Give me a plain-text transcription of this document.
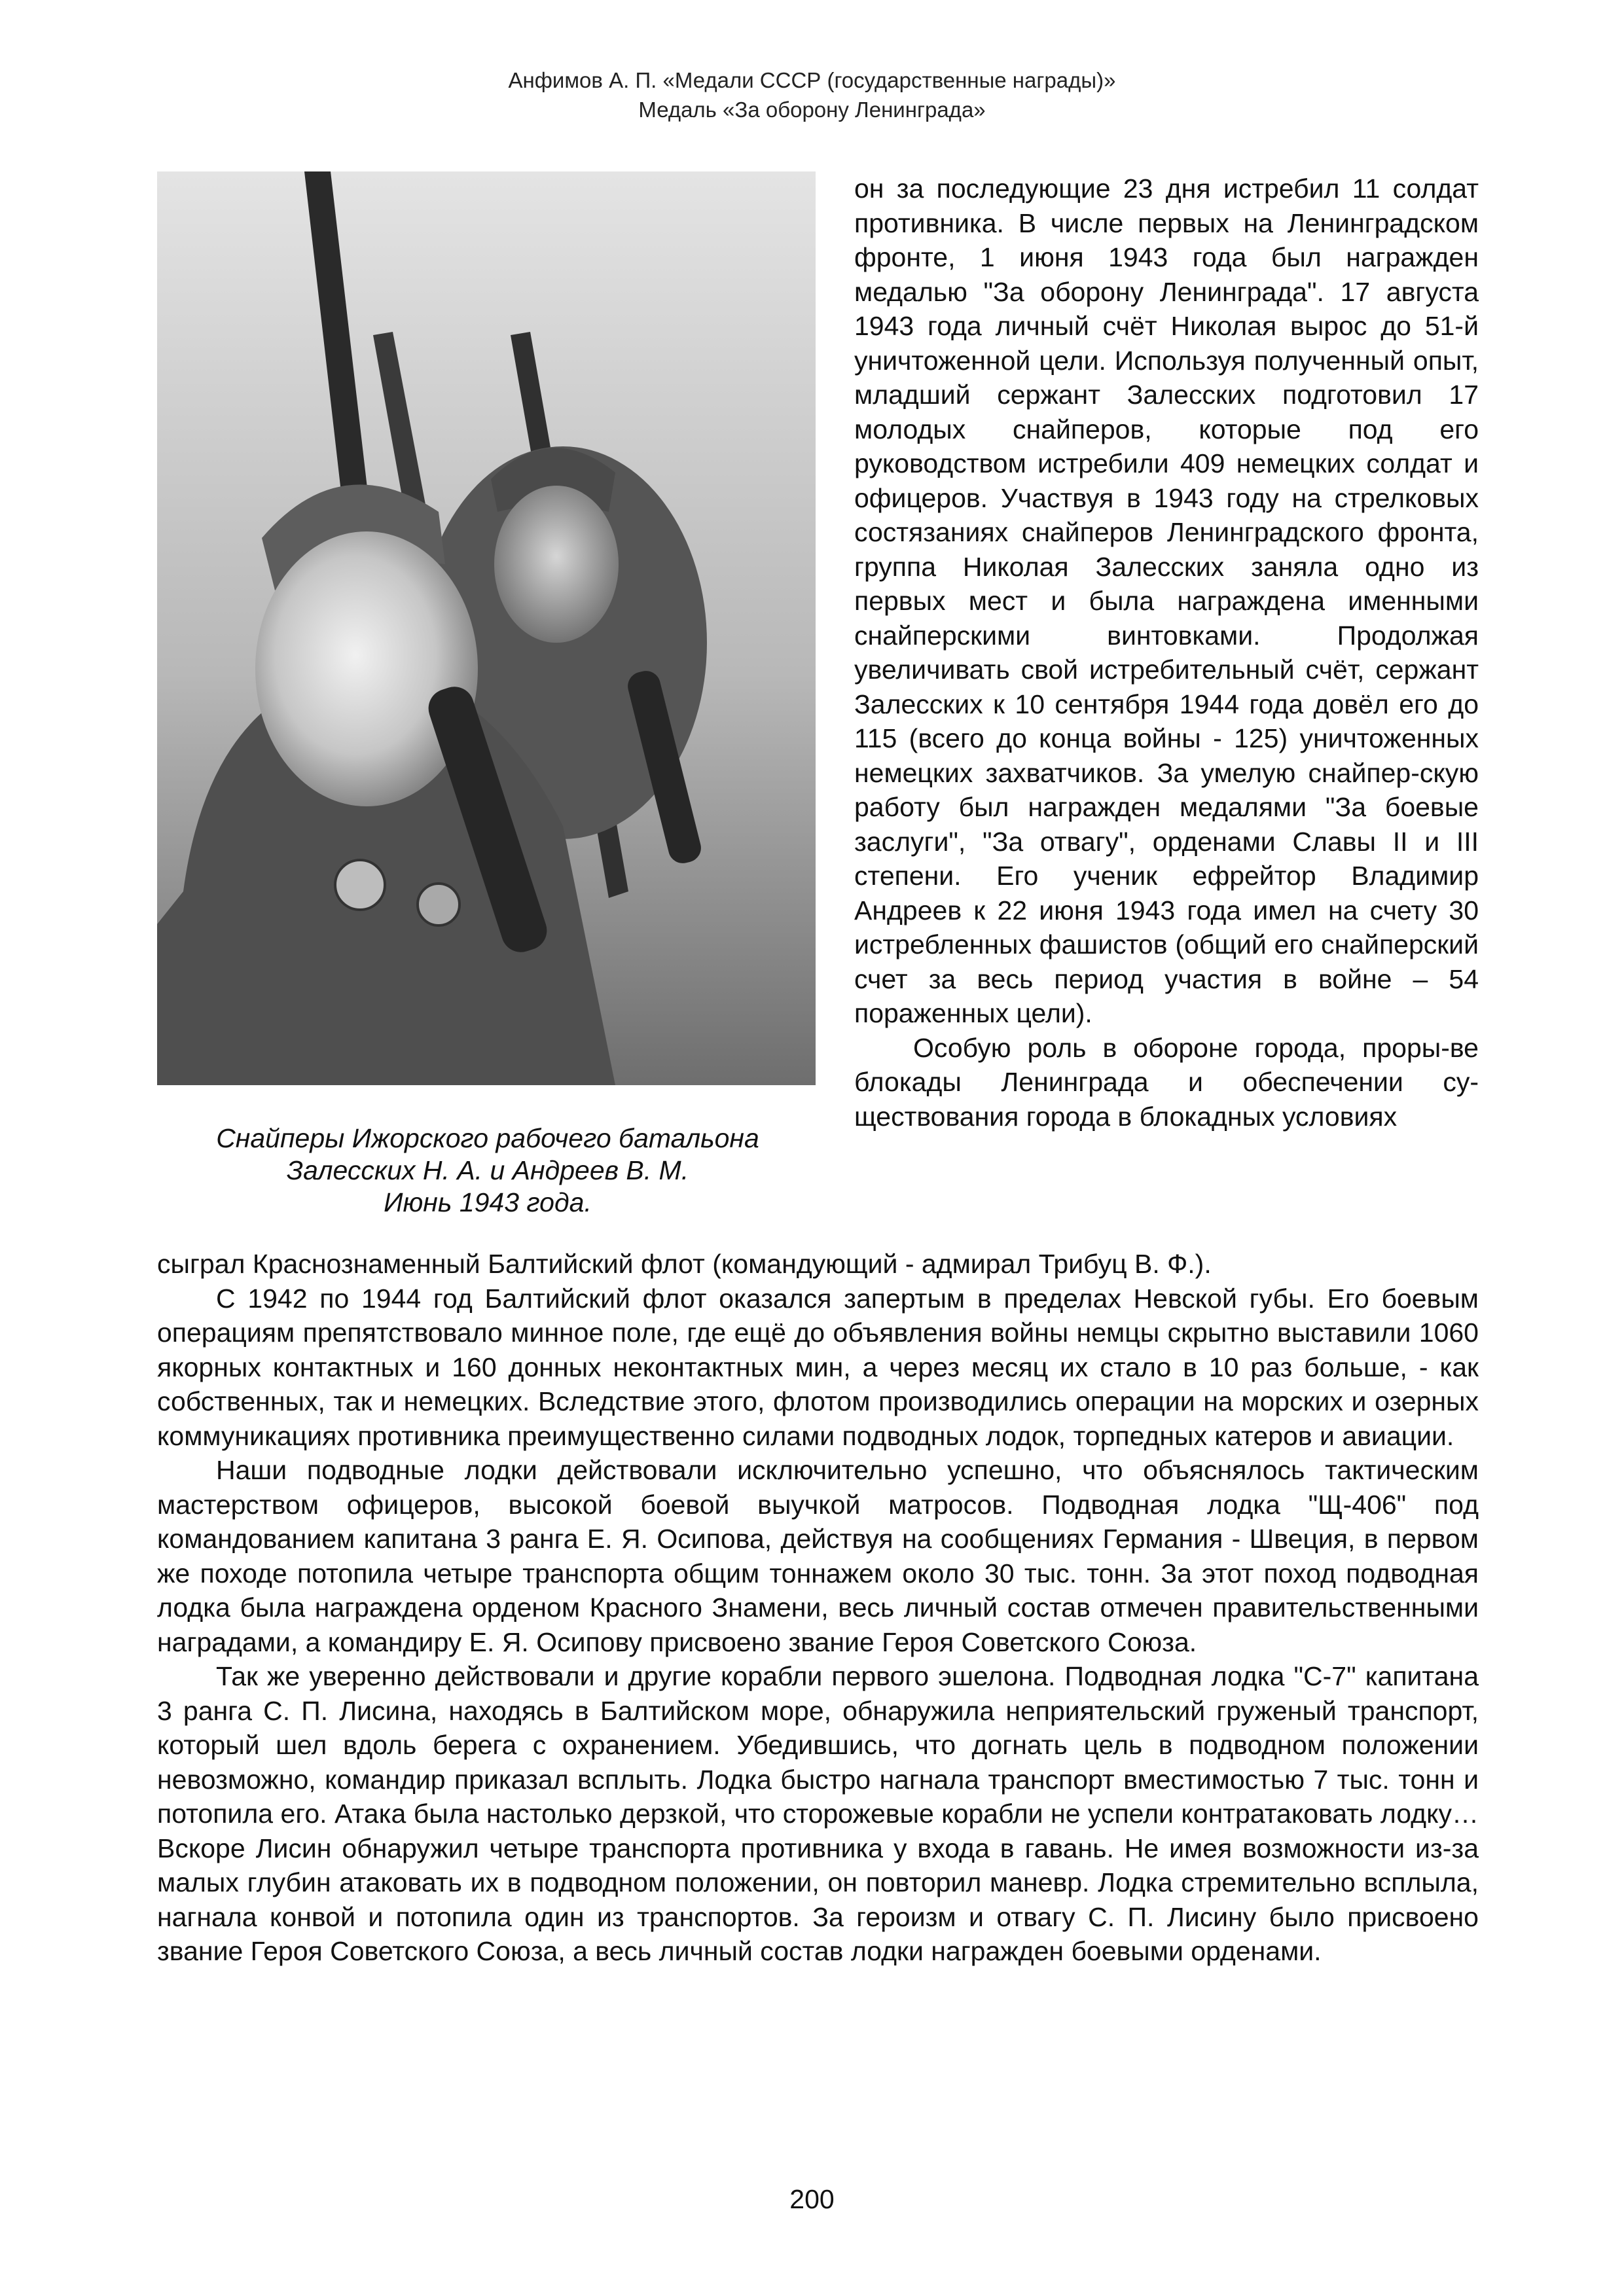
Анфимов А. П. «Медали СССР (государственные награды)»
Медаль «За оборону Ленинграда»
Снайперы Ижорского рабочего батальона
Залесских Н. А. и Андреев В. М.
Июнь 1943 года.

он за последующие 23 дня истребил 11 солдат противника. В числе первых на Ленинградском фронте, 1 июня 1943 года был награжден медалью "За оборону Ленинграда". 17 августа 1943 года личный счёт Николая вырос до 51-й уничтоженной цели. Используя полученный опыт, младший сержант Залесских подготовил 17 молодых снайперов, которые под его руководством истребили 409 немецких солдат и офицеров. Участвуя в 1943 году на стрелковых состязаниях снайперов Ленинградского фронта, группа Николая Залесских заняла одно из первых мест и была награждена именными снайперскими винтовками. Продолжая увеличивать свой истребительный счёт, сержант Залесских к 10 сентября 1944 года довёл его до 115 (всего до конца войны - 125) уничтоженных немецких захватчиков. За умелую снайпер-скую работу был награжден медалями "За боевые заслуги", "За отвагу", орденами Славы II и III степени. Его ученик ефрейтор Владимир Андреев к 22 июня 1943 года имел на счету 30 истребленных фашистов (общий его снайперский счет за весь период участия в войне – 54 пораженных цели).

Особую роль в обороне города, проры-ве блокады Ленинграда и обеспечении су-ществования города в блокадных условиях

сыграл Краснознаменный Балтийский флот (командующий - адмирал Трибуц В. Ф.).

С 1942 по 1944 год Балтийский флот оказался запертым в пределах Невской губы. Его боевым операциям препятствовало минное поле, где ещё до объявления войны немцы скрытно выставили 1060 якорных контактных и 160 донных неконтактных мин, а через месяц их стало в 10 раз больше, - как собственных, так и немецких. Вследствие этого, флотом производились операции на морских и озерных коммуникациях противника преимущественно силами подводных лодок, торпедных катеров и авиации.

Наши подводные лодки действовали исключительно успешно, что объяснялось тактическим мастерством офицеров, высокой боевой выучкой матросов. Подводная лодка "Щ-406" под командованием капитана 3 ранга Е. Я. Осипова, действуя на сообщениях Германия - Швеция, в первом же походе потопила четыре транспорта общим тоннажем около 30 тыс. тонн. За этот поход подводная лодка была награждена орденом Красного Знамени, весь личный состав отмечен правительственными наградами, а командиру Е. Я. Осипову присвоено звание Героя Советского Союза.

Так же уверенно действовали и другие корабли первого эшелона. Подводная лодка "С-7" капитана 3 ранга С. П. Лисина, находясь в Балтийском море, обнаружила неприятельский груженый транспорт, который шел вдоль берега с охранением. Убедившись, что догнать цель в подводном положении невозможно, командир приказал всплыть. Лодка быстро нагнала транспорт вместимостью 7 тыс. тонн и потопила его. Атака была настолько дерзкой, что сторожевые корабли не успели контратаковать лодку… Вскоре Лисин обнаружил четыре транспорта противника у входа в гавань. Не имея возможности из-за малых глубин атаковать их в подводном положении, он повторил маневр. Лодка стремительно всплыла, нагнала конвой и потопила один из транспортов. За героизм и отвагу С. П. Лисину было присвоено звание Героя Советского Союза, а весь личный состав лодки награжден боевыми орденами.

200
